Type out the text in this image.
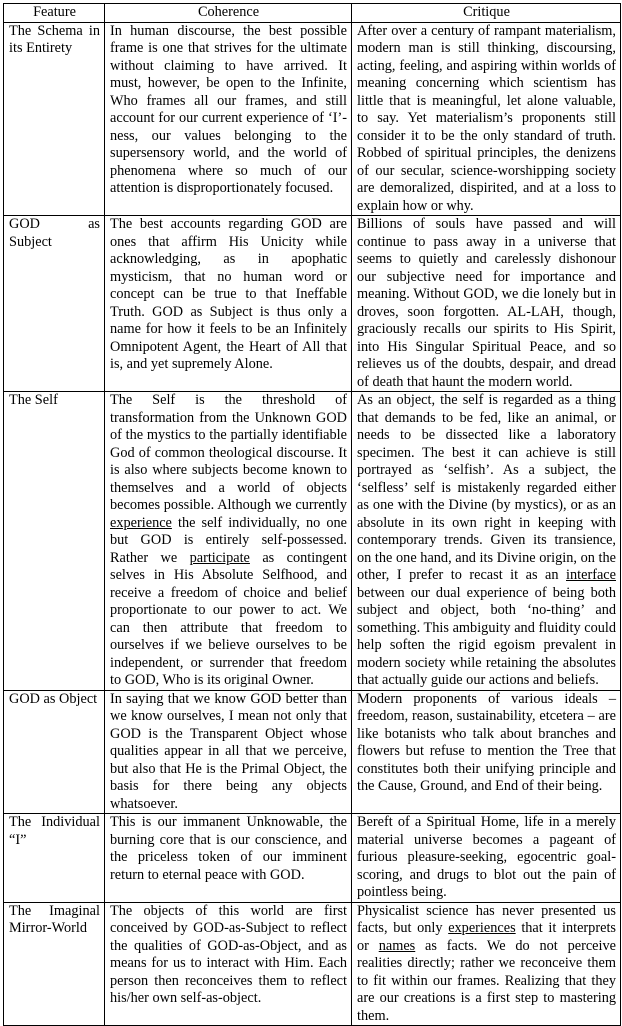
Feature	Coherence	Critique
The Schema in its Entirety	In human discourse, the best possible frame is one that strives for the ultimate without claiming to have arrived. It must, however, be open to the Infinite, Who frames all our frames, and still account for our current experience of ‘I’-ness, our values belonging to the supersensory world, and the world of phenomena where so much of our attention is disproportionately focused.	After over a century of rampant materialism, modern man is still thinking, discoursing, acting, feeling, and aspiring within worlds of meaning concerning which scientism has little that is meaningful, let alone valuable, to say. Yet materialism’s proponents still consider it to be the only standard of truth. Robbed of spiritual principles, the denizens of our secular, science-worshipping society are demoralized, dispirited, and at a loss to explain how or why.
GOD as Subject	The best accounts regarding GOD are ones that affirm His Unicity while acknowledging, as in apophatic mysticism, that no human word or concept can be true to that Ineffable Truth. GOD as Subject is thus only a name for how it feels to be an Infinitely Omnipotent Agent, the Heart of All that is, and yet supremely Alone.	Billions of souls have passed and will continue to pass away in a universe that seems to quietly and carelessly dishonour our subjective need for importance and meaning. Without GOD, we die lonely but in droves, soon forgotten. AL-LAH, though, graciously recalls our spirits to His Spirit, into His Singular Spiritual Peace, and so relieves us of the doubts, despair, and dread of death that haunt the modern world.
The Self	The Self is the threshold of transformation from the Unknown GOD of the mystics to the partially identifiable God of common theological discourse. It is also where subjects become known to themselves and a world of objects becomes possible. Although we currently experience the self individually, no one but GOD is entirely self-possessed. Rather we participate as contingent selves in His Absolute Selfhood, and receive a freedom of choice and belief proportionate to our power to act. We can then attribute that freedom to ourselves if we believe ourselves to be independent, or surrender that freedom to GOD, Who is its original Owner.	As an object, the self is regarded as a thing that demands to be fed, like an animal, or needs to be dissected like a laboratory specimen. The best it can achieve is still portrayed as ‘selfish’. As a subject, the ‘selfless’ self is mistakenly regarded either as one with the Divine (by mystics), or as an absolute in its own right in keeping with contemporary trends. Given its transience, on the one hand, and its Divine origin, on the other, I prefer to recast it as an interface between our dual experience of being both subject and object, both ‘no-thing’ and something. This ambiguity and fluidity could help soften the rigid egoism prevalent in modern society while retaining the absolutes that actually guide our actions and beliefs.
GOD as Object	In saying that we know GOD better than we know ourselves, I mean not only that GOD is the Transparent Object whose qualities appear in all that we perceive, but also that He is the Primal Object, the basis for there being any objects whatsoever.	Modern proponents of various ideals – freedom, reason, sustainability, etcetera – are like botanists who talk about branches and flowers but refuse to mention the Tree that constitutes both their unifying principle and the Cause, Ground, and End of their being.
The Individual “I”	This is our immanent Unknowable, the burning core that is our conscience, and the priceless token of our imminent return to eternal peace with GOD.	Bereft of a Spiritual Home, life in a merely material universe becomes a pageant of furious pleasure-seeking, egocentric goal-scoring, and drugs to blot out the pain of pointless being.
The Imaginal Mirror-World	The objects of this world are first conceived by GOD-as-Subject to reflect the qualities of GOD-as-Object, and as means for us to interact with Him. Each person then reconceives them to reflect his/her own self-as-object.	Physicalist science has never presented us facts, but only experiences that it interprets or names as facts. We do not perceive realities directly; rather we reconceive them to fit within our frames. Realizing that they are our creations is a first step to mastering them.
